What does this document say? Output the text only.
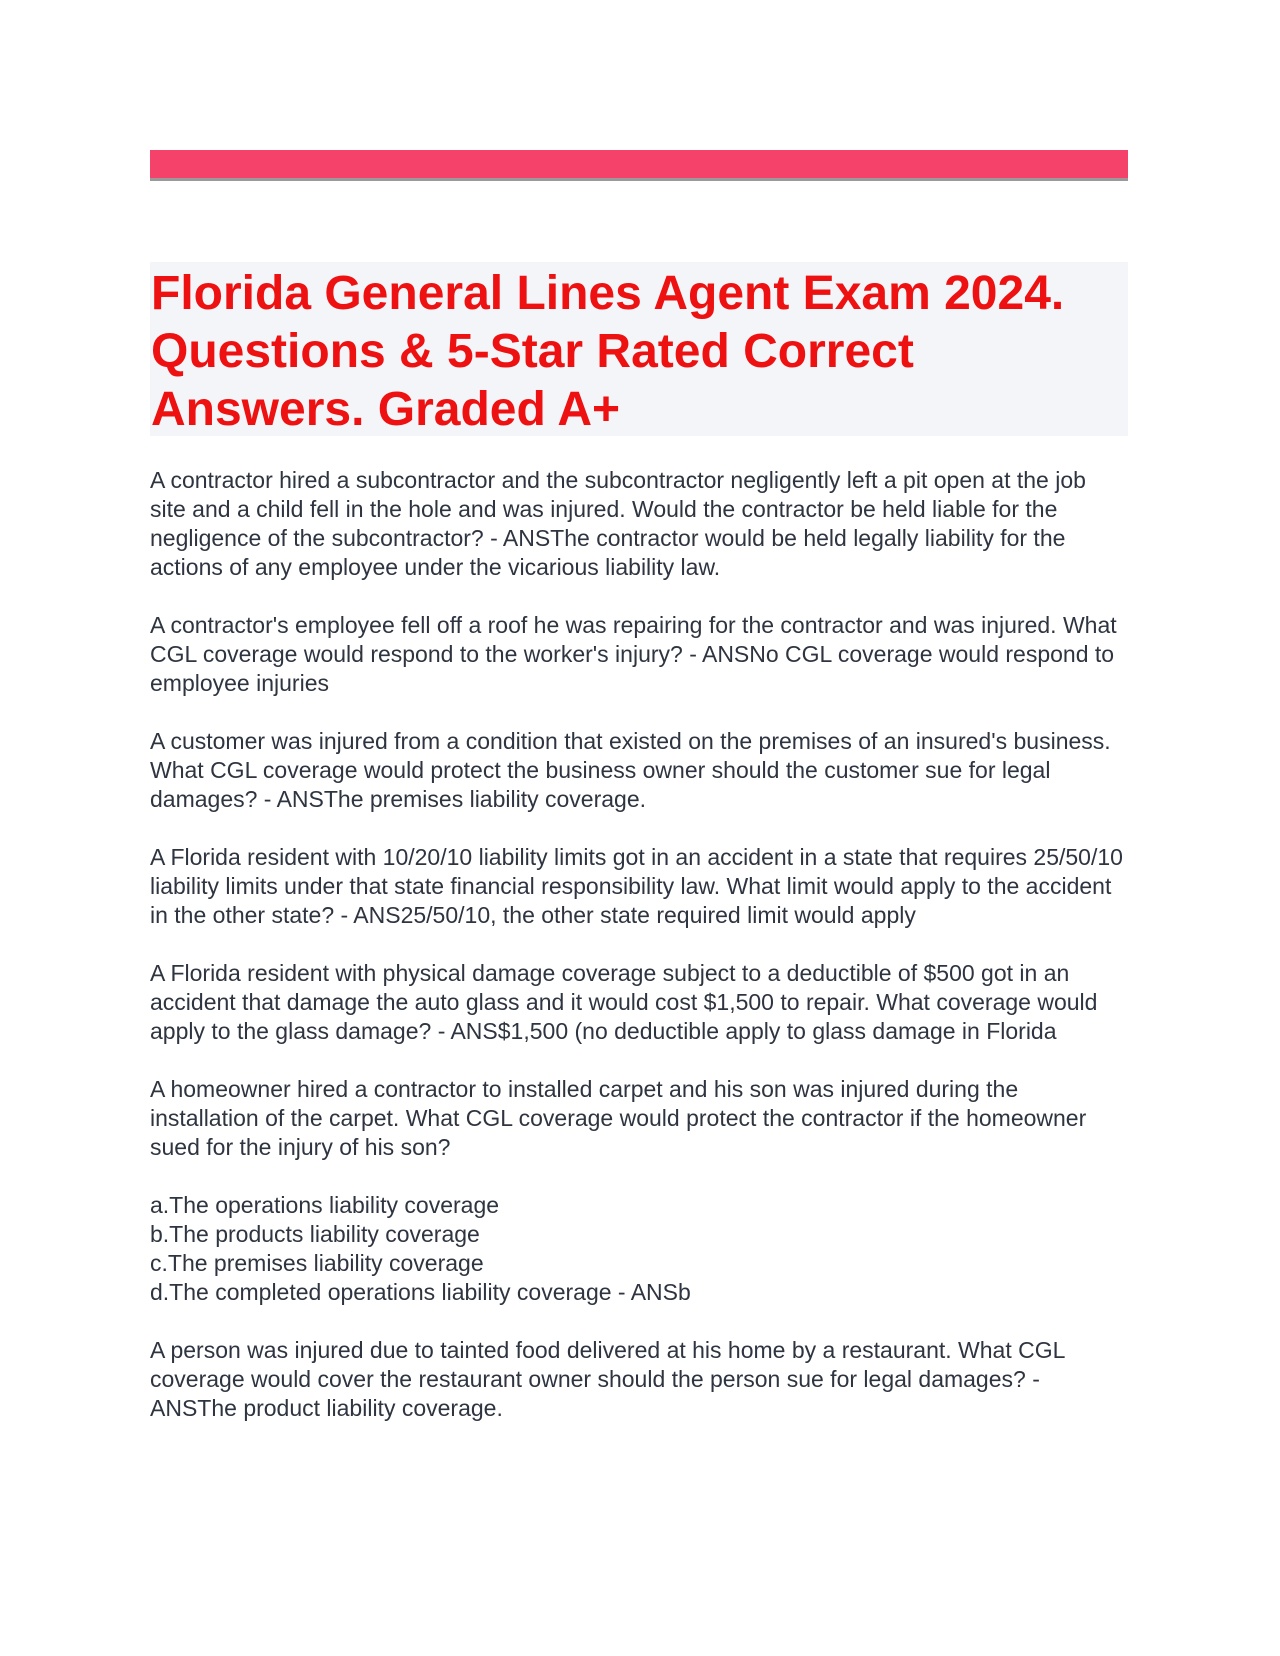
Florida General Lines Agent Exam 2024. Questions & 5-Star Rated Correct Answers. Graded A+

A contractor hired a subcontractor and the subcontractor negligently left a pit open at the job site and a child fell in the hole and was injured. Would the contractor be held liable for the negligence of the subcontractor? - ANSThe contractor would be held legally liability for the actions of any employee under the vicarious liability law.

A contractor's employee fell off a roof he was repairing for the contractor and was injured. What CGL coverage would respond to the worker's injury? - ANSNo CGL coverage would respond to employee injuries

A customer was injured from a condition that existed on the premises of an insured's business. What CGL coverage would protect the business owner should the customer sue for legal damages? - ANSThe premises liability coverage.

A Florida resident with 10/20/10 liability limits got in an accident in a state that requires 25/50/10 liability limits under that state financial responsibility law. What limit would apply to the accident in the other state? - ANS25/50/10, the other state required limit would apply

A Florida resident with physical damage coverage subject to a deductible of $500 got in an accident that damage the auto glass and it would cost $1,500 to repair. What coverage would apply to the glass damage? - ANS$1,500 (no deductible apply to glass damage in Florida

A homeowner hired a contractor to installed carpet and his son was injured during the installation of the carpet. What CGL coverage would protect the contractor if the homeowner sued for the injury of his son?

a.The operations liability coverage
b.The products liability coverage
c.The premises liability coverage
d.The completed operations liability coverage - ANSb

A person was injured due to tainted food delivered at his home by a restaurant. What CGL coverage would cover the restaurant owner should the person sue for legal damages? - ANSThe product liability coverage.
